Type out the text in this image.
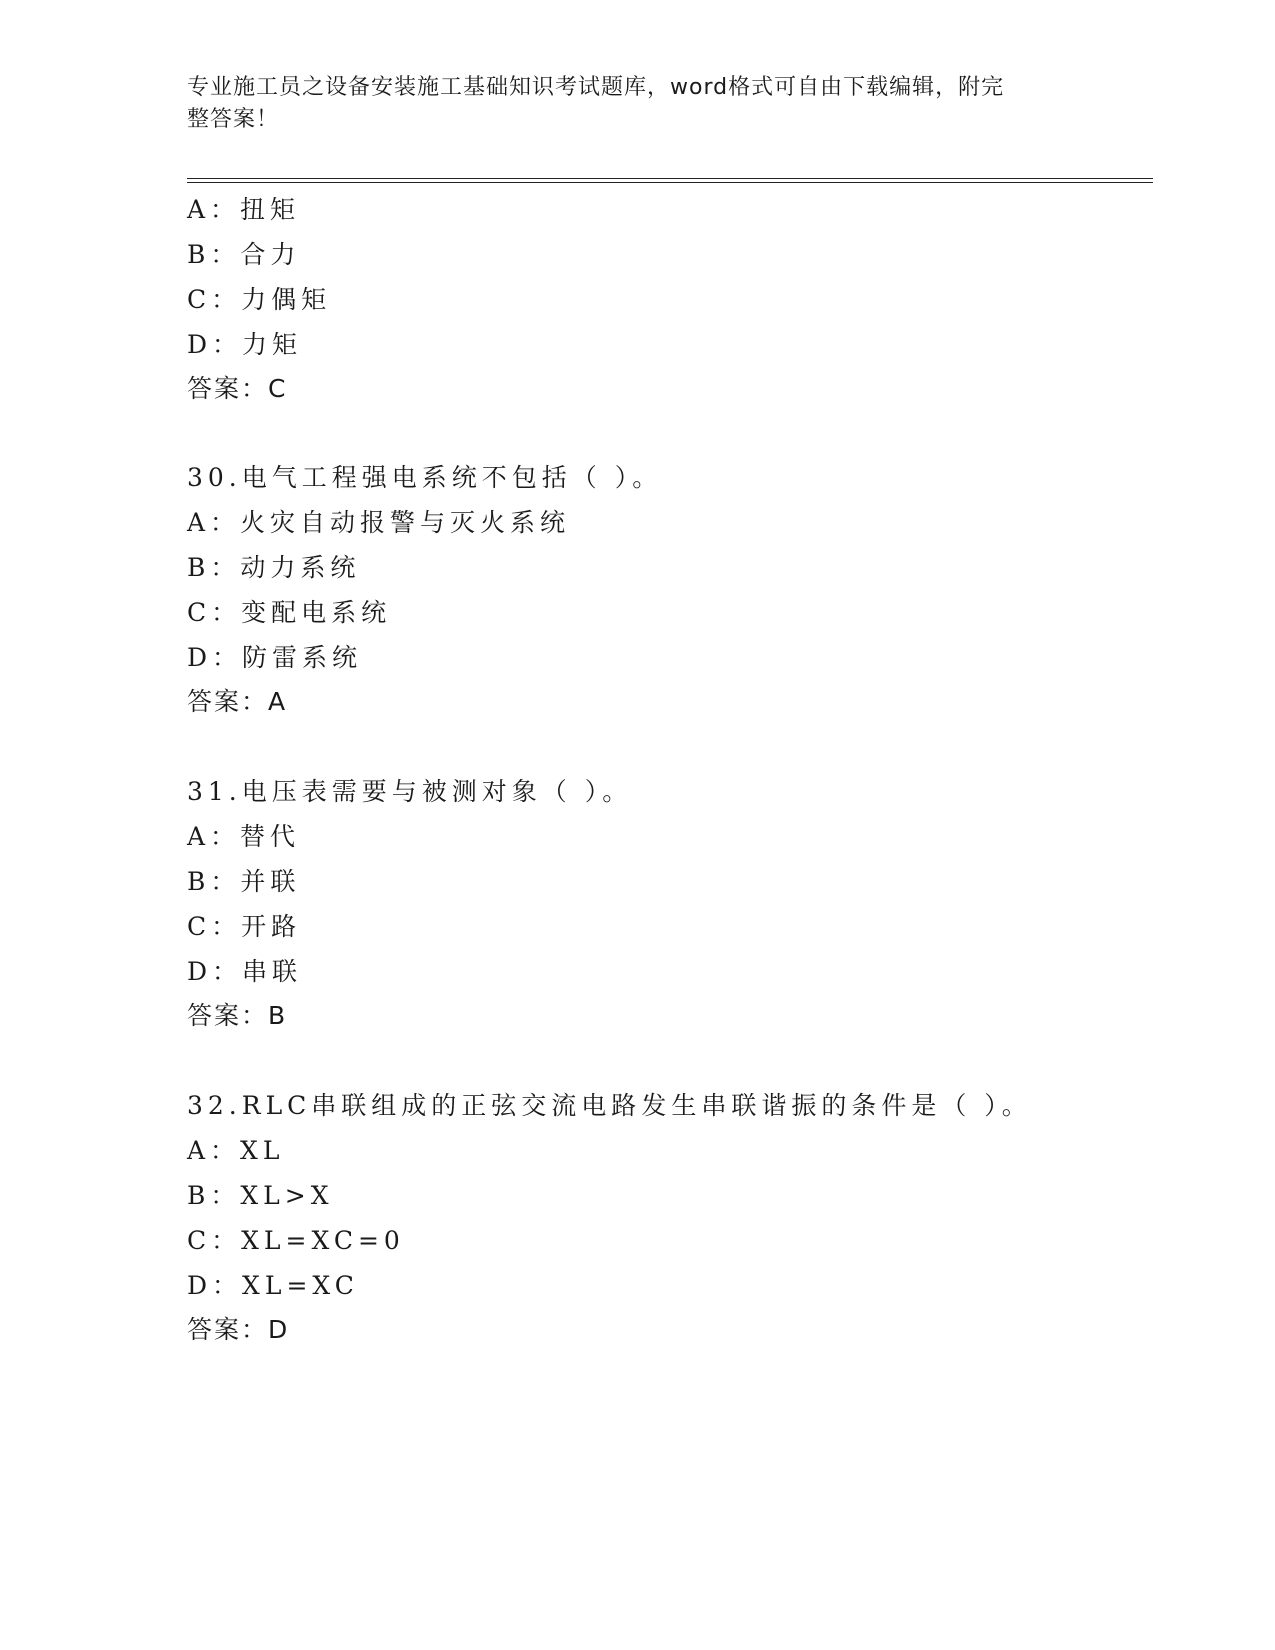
专业施工员之设备安装施工基础知识考试题库，word格式可自由下载编辑，附完
整答案！
A：扭矩
B：合力
C：力偶矩
D：力矩
答案：C
30.电气工程强电系统不包括（ ）。
A：火灾自动报警与灭火系统
B：动力系统
C：变配电系统
D：防雷系统
答案：A
31.电压表需要与被测对象（ ）。
A：替代
B：并联
C：开路
D：串联
答案：B
32.RLC串联组成的正弦交流电路发生串联谐振的条件是（ ）。
A：XL
B：XL>X
C：XL=XC=0
D：XL=XC
答案：D
